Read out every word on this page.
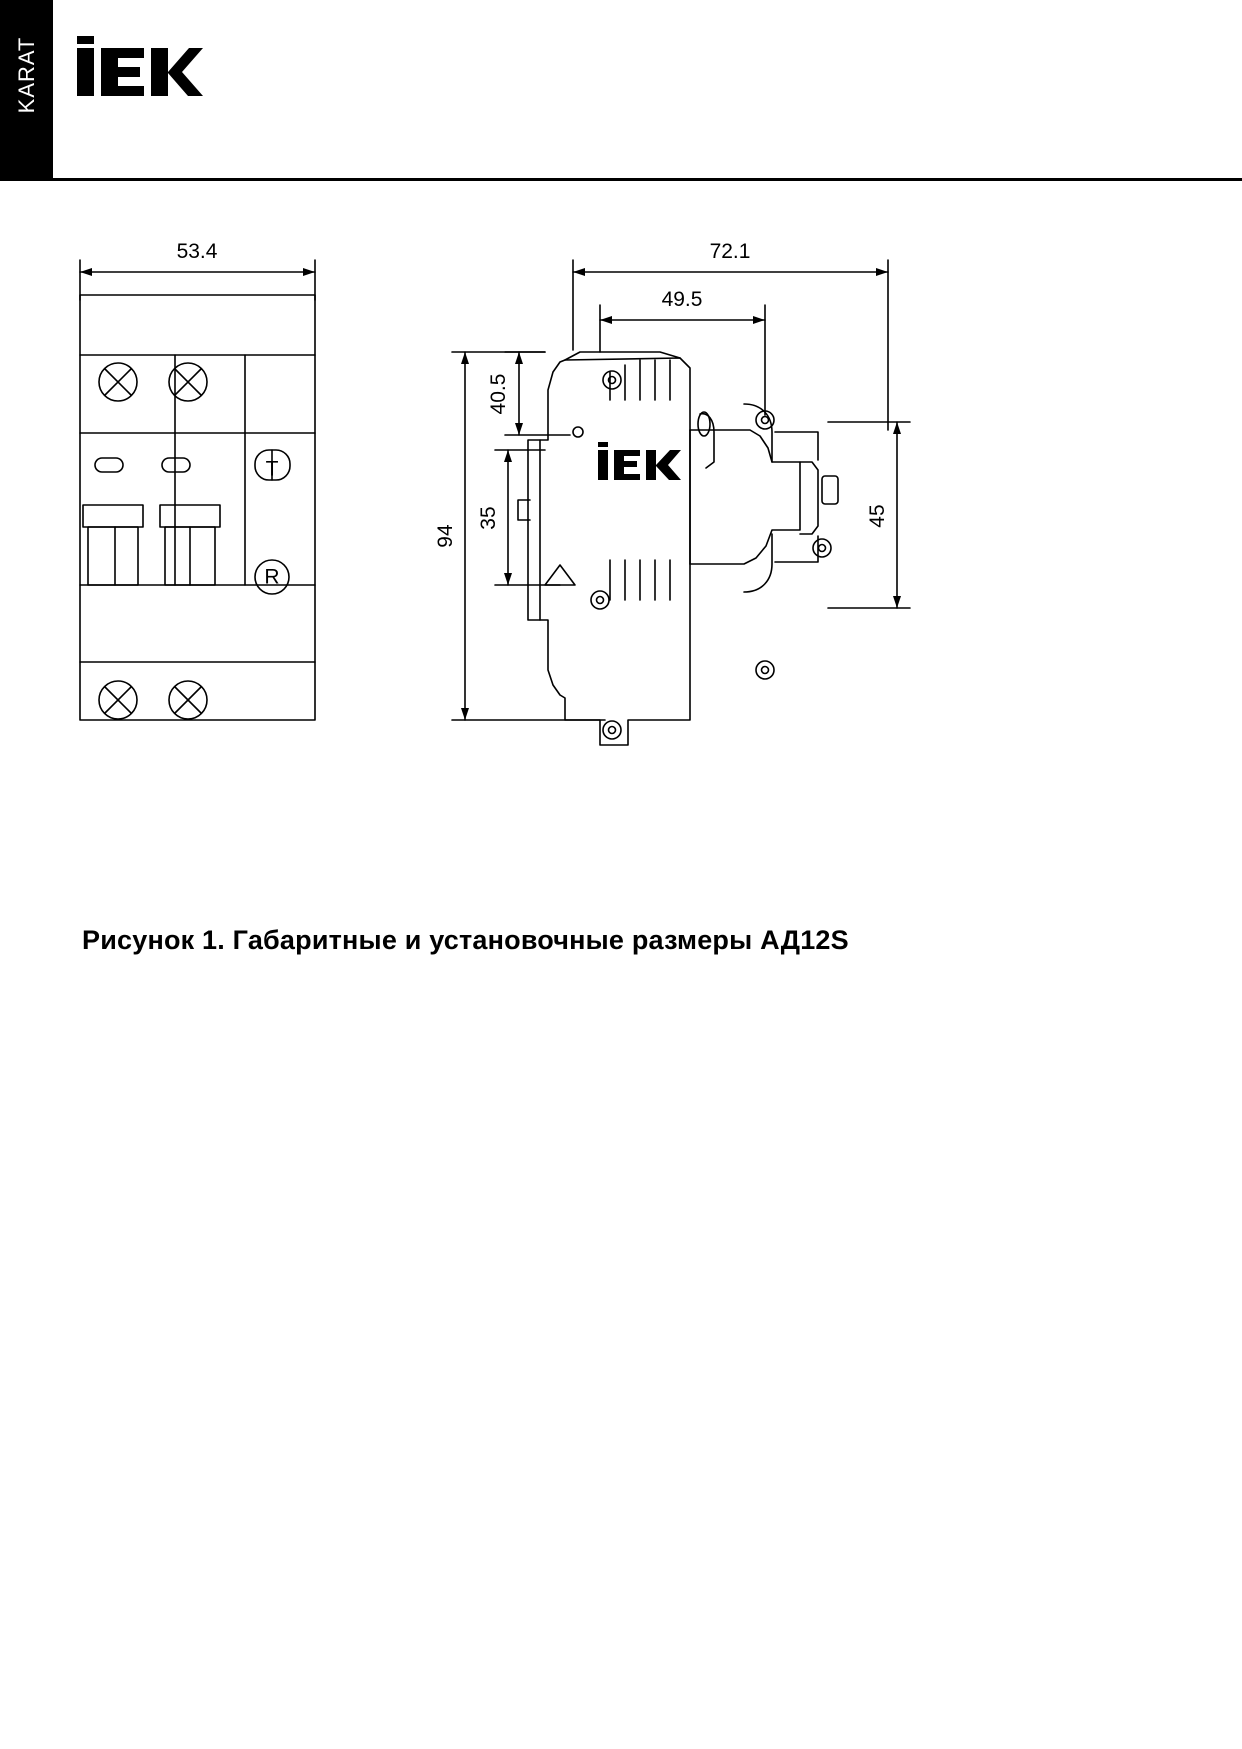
KARAT
T
R
53.4	72.1
49.5
94
40.5
35	45
Рисунок 1. Габаритные и установочные размеры АД12S
